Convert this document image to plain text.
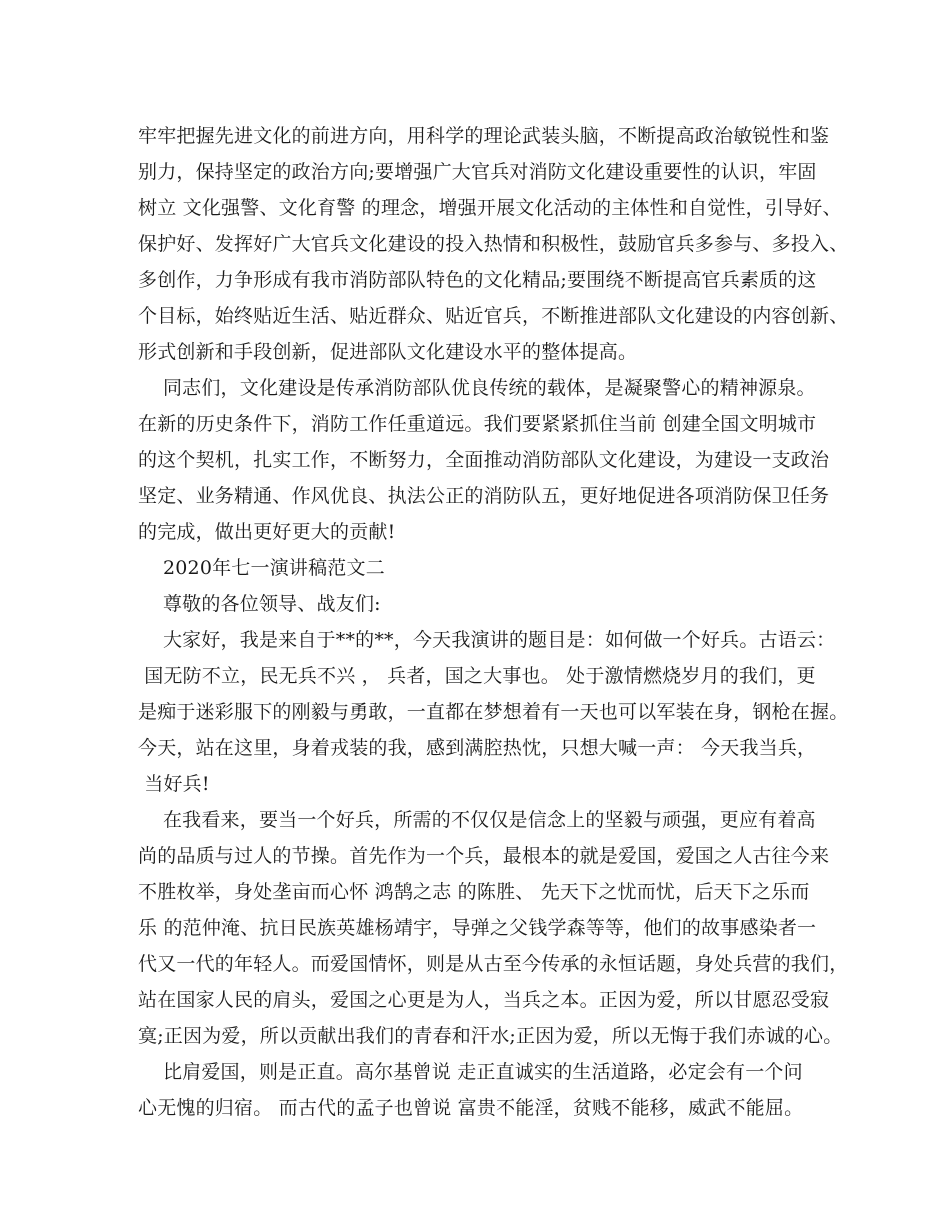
牢牢把握先进文化的前进方向，用科学的理论武装头脑，不断提高政治敏锐性和鉴
别力，保持坚定的政治方向;要增强广大官兵对消防文化建设重要性的认识，牢固
树立 文化强警、文化育警 的理念，增强开展文化活动的主体性和自觉性，引导好、
保护好、发挥好广大官兵文化建设的投入热情和积极性，鼓励官兵多参与、多投入、
多创作，力争形成有我市消防部队特色的文化精品;要围绕不断提高官兵素质的这
个目标，始终贴近生活、贴近群众、贴近官兵，不断推进部队文化建设的内容创新、
形式创新和手段创新，促进部队文化建设水平的整体提高。
同志们，文化建设是传承消防部队优良传统的载体，是凝聚警心的精神源泉。
在新的历史条件下，消防工作任重道远。我们要紧紧抓住当前 创建全国文明城市
的这个契机，扎实工作，不断努力，全面推动消防部队文化建设，为建设一支政治
坚定、业务精通、作风优良、执法公正的消防队五，更好地促进各项消防保卫任务
的完成，做出更好更大的贡献!
2020年七一演讲稿范文二
尊敬的各位领导、战友们:
大家好，我是来自于**的**，今天我演讲的题目是：如何做一个好兵。古语云：
国无防不立，民无兵不兴 ， 兵者，国之大事也。 处于激情燃烧岁月的我们，更
是痴于迷彩服下的刚毅与勇敢，一直都在梦想着有一天也可以军装在身，钢枪在握。
今天，站在这里，身着戎装的我，感到满腔热忱，只想大喊一声： 今天我当兵，
当好兵!
在我看来，要当一个好兵，所需的不仅仅是信念上的坚毅与顽强，更应有着高
尚的品质与过人的节操。首先作为一个兵，最根本的就是爱国，爱国之人古往今来
不胜枚举，身处垄亩而心怀 鸿鹄之志 的陈胜、 先天下之忧而忧，后天下之乐而
乐 的范仲淹、抗日民族英雄杨靖宇，导弹之父钱学森等等，他们的故事感染者一
代又一代的年轻人。而爱国情怀，则是从古至今传承的永恒话题，身处兵营的我们，
站在国家人民的肩头，爱国之心更是为人，当兵之本。正因为爱，所以甘愿忍受寂
寞;正因为爱，所以贡献出我们的青春和汗水;正因为爱，所以无悔于我们赤诚的心。
比肩爱国，则是正直。高尔基曾说 走正直诚实的生活道路，必定会有一个问
心无愧的归宿。 而古代的孟子也曾说 富贵不能淫，贫贱不能移，威武不能屈。
